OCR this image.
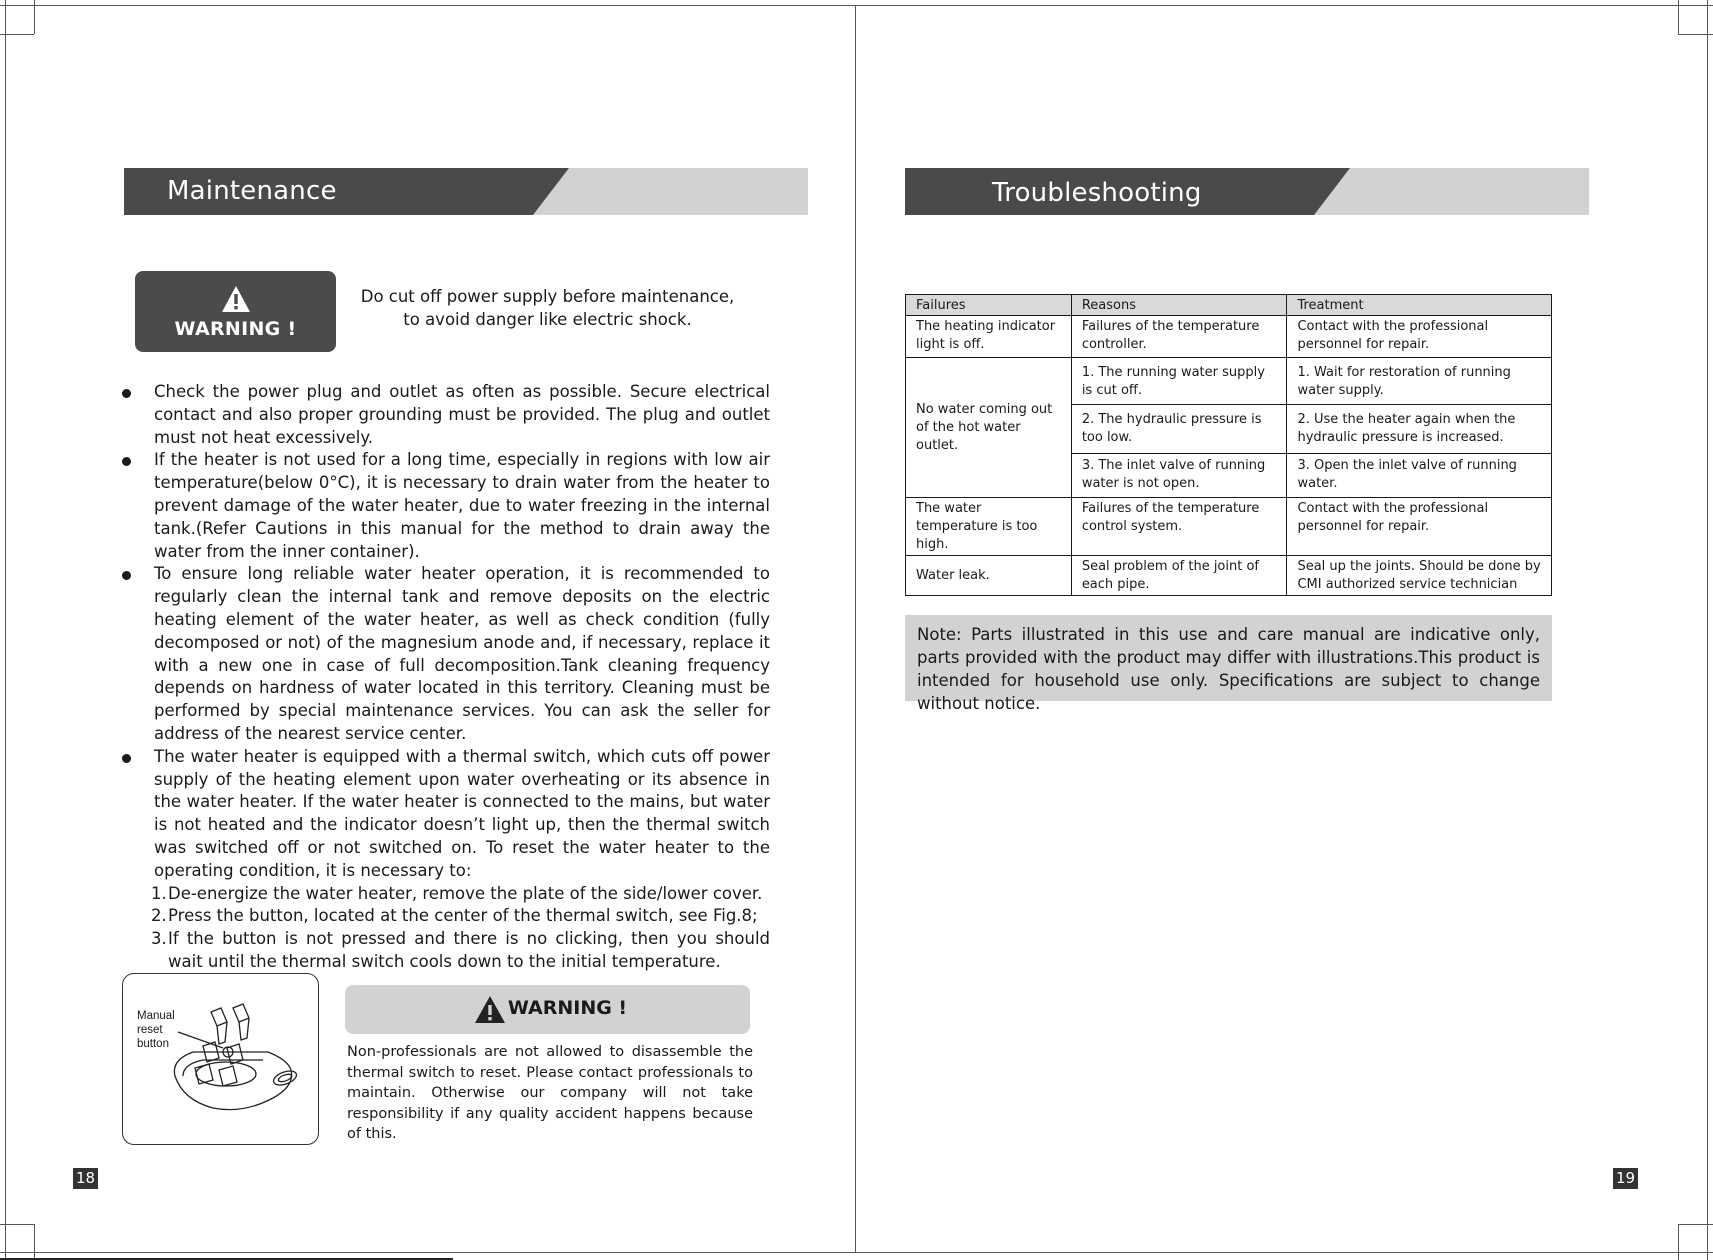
Maintenance
WARNING !
Do cut off power supply before maintenance, to avoid danger like electric shock.
Check the power plug and outlet as often as possible. Secure electrical contact and also proper grounding must be provided. The plug and outlet must not heat excessively.
If the heater is not used for a long time, especially in regions with low air temperature(below 0°C), it is necessary to drain water from the heater to prevent damage of the water heater, due to water freezing in the internal tank.(Refer Cautions in this manual for the method to drain away the water from the inner container).
To ensure long reliable water heater operation, it is recommended to regularly clean the internal tank and remove deposits on the electric heating element of the water heater, as well as check condition (fully decomposed or not) of the magnesium anode and, if necessary, replace it with a new one in case of full decomposition.Tank cleaning frequency depends on hardness of water located in this territory. Cleaning must be performed by special maintenance services. You can ask the seller for address of the nearest service center.
The water heater is equipped with a thermal switch, which cuts off power supply of the heating element upon water overheating or its absence in the water heater. If the water heater is connected to the mains, but water is not heated and the indicator doesn’t light up, then the thermal switch was switched off or not switched on. To reset the water heater to the operating condition, it is necessary to:
1. De-energize the water heater, remove the plate of the side/lower cover.
2. Press the button, located at the center of the thermal switch, see Fig.8;
3. If the button is not pressed and there is no clicking, then you should wait until the thermal switch cools down to the initial temperature.
Manual
reset
button
WARNING !
Non-professionals are not allowed to disassemble the thermal switch to reset. Please contact professionals to maintain. Otherwise our company will not take responsibility if any quality accident happens because of this.
18
Troubleshooting
Failures	Reasons	Treatment
The heating indicator light is off.	Failures of the temperature controller.	Contact with the professional personnel for repair.
No water coming out of the hot water outlet.	1. The running water supply is cut off.	1. Wait for restoration of running water supply.
	2. The hydraulic pressure is too low.	2. Use the heater again when the hydraulic pressure is increased.
	3. The inlet valve of running water is not open.	3. Open the inlet valve of running water.
The water temperature is too high.	Failures of the temperature control system.	Contact with the professional personnel for repair.
Water leak.	Seal problem of the joint of each pipe.	Seal up the joints. Should be done by CMI authorized service technician

Note: Parts illustrated in this use and care manual are indicative only, parts provided with the product may differ with illustrations.This product is intended for household use only. Specifications are subject to change without notice.

19
